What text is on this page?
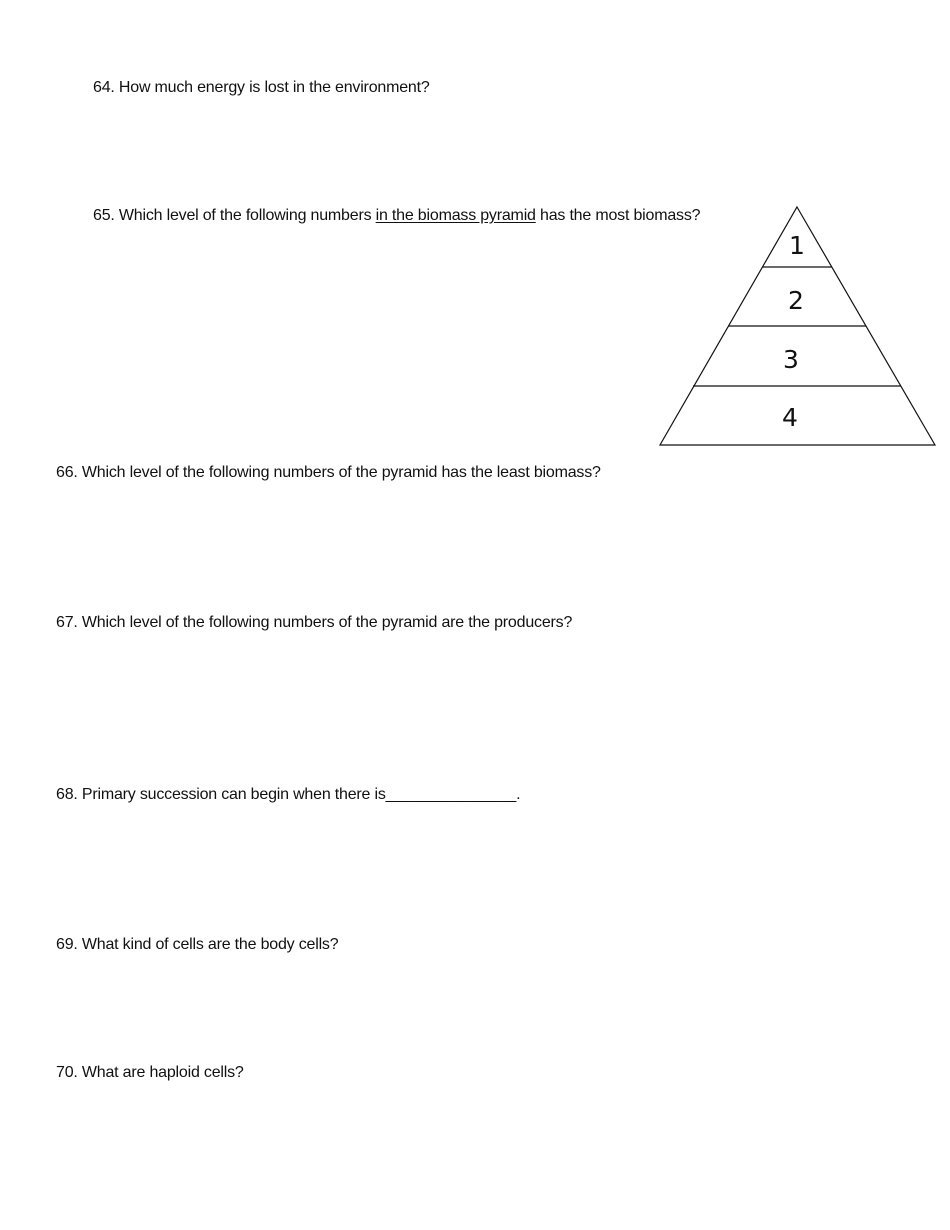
64. How much energy is lost in the environment?
65. Which level of the following numbers in the biomass pyramid has the most biomass?
1
2
3
4
66. Which level of the following numbers of the pyramid has the least biomass?
67. Which level of the following numbers of the pyramid are the producers?
68. Primary succession can begin when there is_______________.
69. What kind of cells are the body cells?
70. What are haploid cells?
